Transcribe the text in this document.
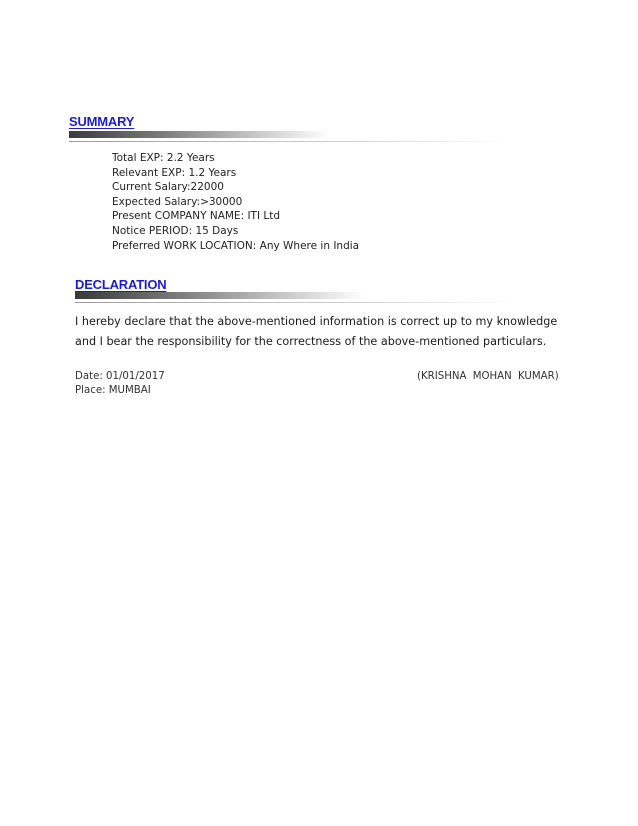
SUMMARY
Total EXP: 2.2 Years
Relevant EXP: 1.2 Years
Current Salary:22000
Expected Salary:>30000
Present COMPANY NAME: ITI Ltd
Notice PERIOD: 15 Days
Preferred WORK LOCATION: Any Where in India
DECLARATION
I hereby declare that the above-mentioned information is correct up to my knowledge
and I bear the responsibility for the correctness of the above-mentioned particulars.
Date: 01/01/2017
Place: MUMBAI
(KRISHNA MOHAN KUMAR)
